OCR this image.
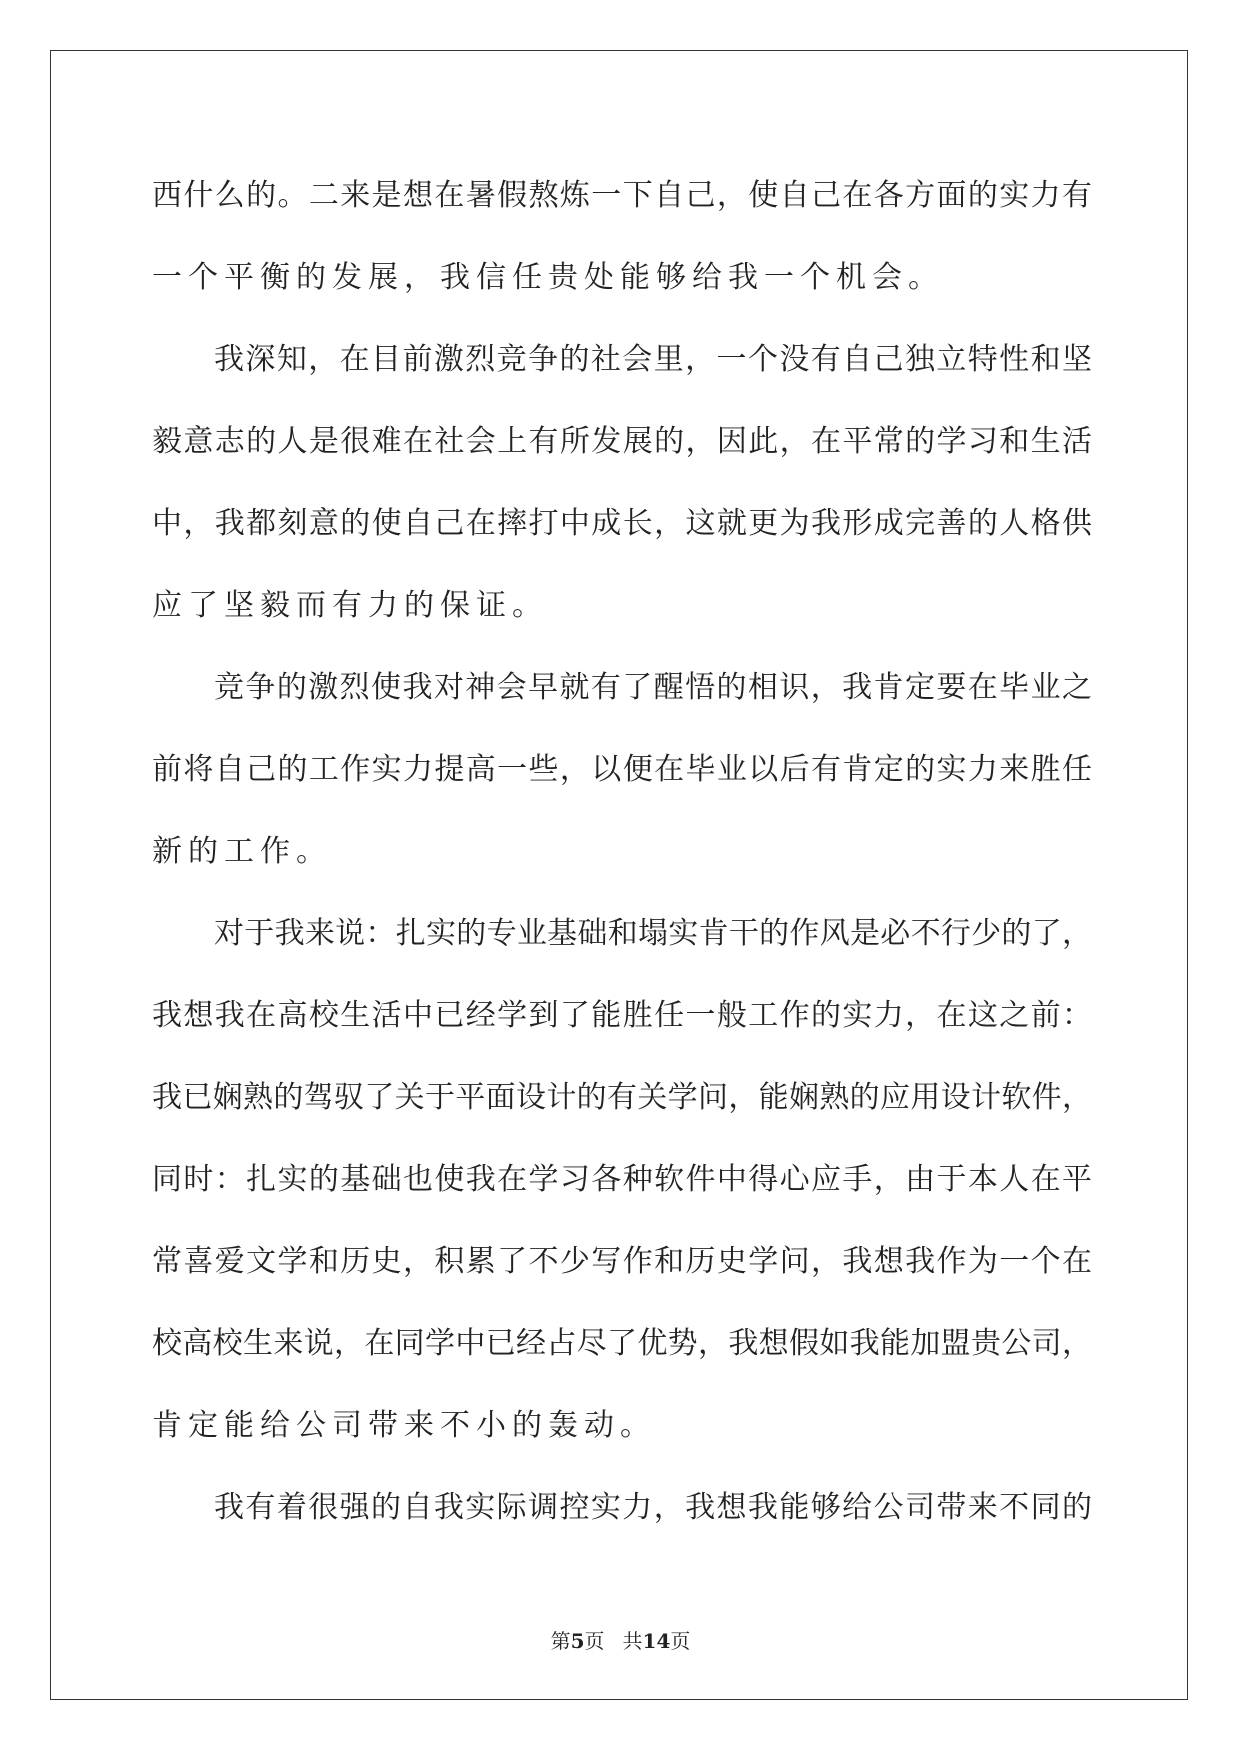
西什么的。二来是想在暑假熬炼一下自己，使自己在各方面的实力有
一个平衡的发展，我信任贵处能够给我一个机会。
我深知，在目前激烈竞争的社会里，一个没有自己独立特性和坚
毅意志的人是很难在社会上有所发展的，因此，在平常的学习和生活
中，我都刻意的使自己在摔打中成长，这就更为我形成完善的人格供
应了坚毅而有力的保证。
竞争的激烈使我对神会早就有了醒悟的相识，我肯定要在毕业之
前将自己的工作实力提高一些，以便在毕业以后有肯定的实力来胜任
新的工作。
对于我来说：扎实的专业基础和塌实肯干的作风是必不行少的了，
我想我在高校生活中已经学到了能胜任一般工作的实力，在这之前：
我已娴熟的驾驭了关于平面设计的有关学问，能娴熟的应用设计软件，
同时：扎实的基础也使我在学习各种软件中得心应手，由于本人在平
常喜爱文学和历史，积累了不少写作和历史学问，我想我作为一个在
校高校生来说，在同学中已经占尽了优势，我想假如我能加盟贵公司，
肯定能给公司带来不小的轰动。
我有着很强的自我实际调控实力，我想我能够给公司带来不同的
第5页 共14页
